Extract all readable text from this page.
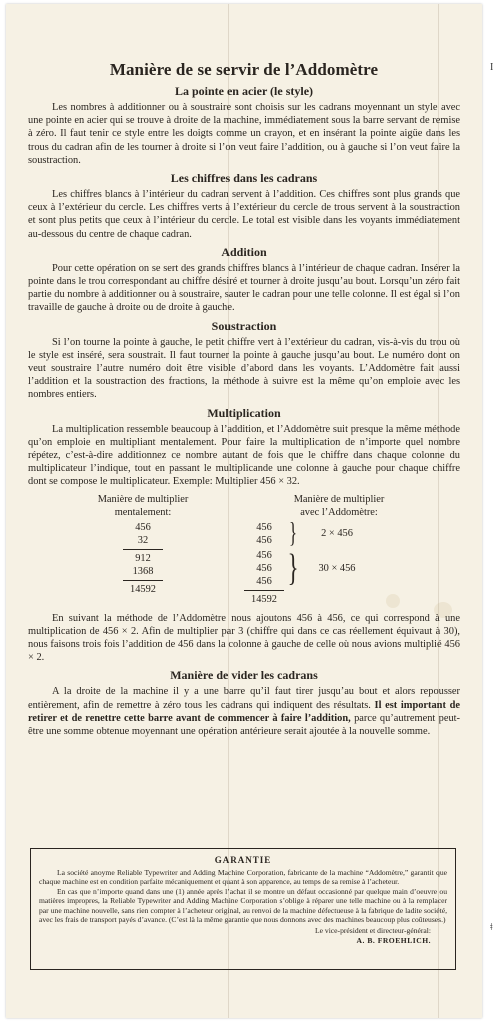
Manière de se servir de l’Addomètre
La pointe en acier (le style)

Les nombres à additionner ou à soustraire sont choisis sur les cadrans moyennant un style avec une pointe en acier qui se trouve à droite de la machine, immédiatement sous la barre servant de remise à zéro. Il faut tenir ce style entre les doigts comme un crayon, et en insérant la pointe aigüe dans les trous du cadran afin de les tourner à droite si l’on veut faire l’addition, ou à gauche si l’on veut faire la soustraction.

Les chiffres dans les cadrans

Les chiffres blancs à l’intérieur du cadran servent à l’addition. Ces chiffres sont plus grands que ceux à l’extérieur du cercle. Les chiffres verts à l’extérieur du cercle de trous servent à la soustraction et sont plus petits que ceux à l’intérieur du cercle. Le total est visible dans les voyants immédiatement au-dessous du centre de chaque cadran.

Addition

Pour cette opération on se sert des grands chiffres blancs à l’intérieur de chaque cadran. Insérer la pointe dans le trou correspondant au chiffre désiré et tourner à droite jusqu’au bout. Lorsqu’un zéro fait partie du nombre à additionner ou à soustraire, sauter le cadran pour une telle colonne. Il est égal si l’on travaille de gauche à droite ou de droite à gauche.

Soustraction

Si l’on tourne la pointe à gauche, le petit chiffre vert à l’extérieur du cadran, vis-à-vis du trou où le style est inséré, sera soustrait. Il faut tourner la pointe à gauche jusqu’au bout. Le numéro dont on veut soustraire l’autre numéro doit être visible d’abord dans les voyants. L’Addomètre fait aussi l’addition et la soustraction des fractions, la méthode à suivre est la même qu’on emploie avec les nombres entiers.

Multiplication

La multiplication ressemble beaucoup à l’addition, et l’Addomètre suit presque la même méthode qu’on emploie en multipliant mentalement. Pour faire la multiplication de n’importe quel nombre répétez, c’est-à-dire additionnez ce nombre autant de fois que le chiffre dans chaque colonne du multiplicateur l’indique, tout en passant le multiplicande une colonne à gauche pour chaque chiffre dont se compose le multiplicateur. Exemple: Multiplier 456 × 32.

Manière de multiplier
mentalement:
456
32
912
1368
14592
Manière de multiplier
avec l’Addomètre:
456 }	2 × 456
456
456 }	30 × 456
456
456
14592

En suivant la méthode de l’Addomètre nous ajoutons 456 à 456, ce qui correspond à une multiplication de 456 × 2. Afin de multiplier par 3 (chiffre qui dans ce cas réellement équivaut à 30), nous faisons trois fois l’addition de 456 dans la colonne à gauche de celle où nous avions multiplié 456 × 2.

Manière de vider les cadrans

A la droite de la machine il y a une barre qu’il faut tirer jusqu’au bout et alors repousser entièrement, afin de remettre à zéro tous les cadrans qui indiquent des résultats. Il est important de retirer et de renettre cette barre avant de commencer à faire l’addition, parce qu’autrement peut-être une somme obtenue moyennant une opération antérieure serait ajoutée à la nouvelle somme.

GARANTIE

La société anoyme Reliable Typewriter and Adding Machine Corporation, fabricante de la machine “Addomètre,” garantit que chaque machine est en condition parfaite mécaniquement et quant à son apparence, au temps de sa remise à l’acheteur.

En cas que n’importe quand dans une (1) année après l’achat il se montre un défaut occasionné par quelque main d’oeuvre ou matières impropres, la Reliable Typewriter and Adding Machine Corporation s’oblige à réparer une telle machine ou à la remplacer par une machine nouvelle, sans rien compter à l’acheteur original, au renvoi de la machine défectueuse à la fabrique de ladite société, avec les frais de transport payés d’avance. (C’est là la même garantie que nous donnons avec des machines beaucoup plus coûteuses.)

Le vice-président et directeur-général:
A. B. FROEHLICH.
I
ǂ
